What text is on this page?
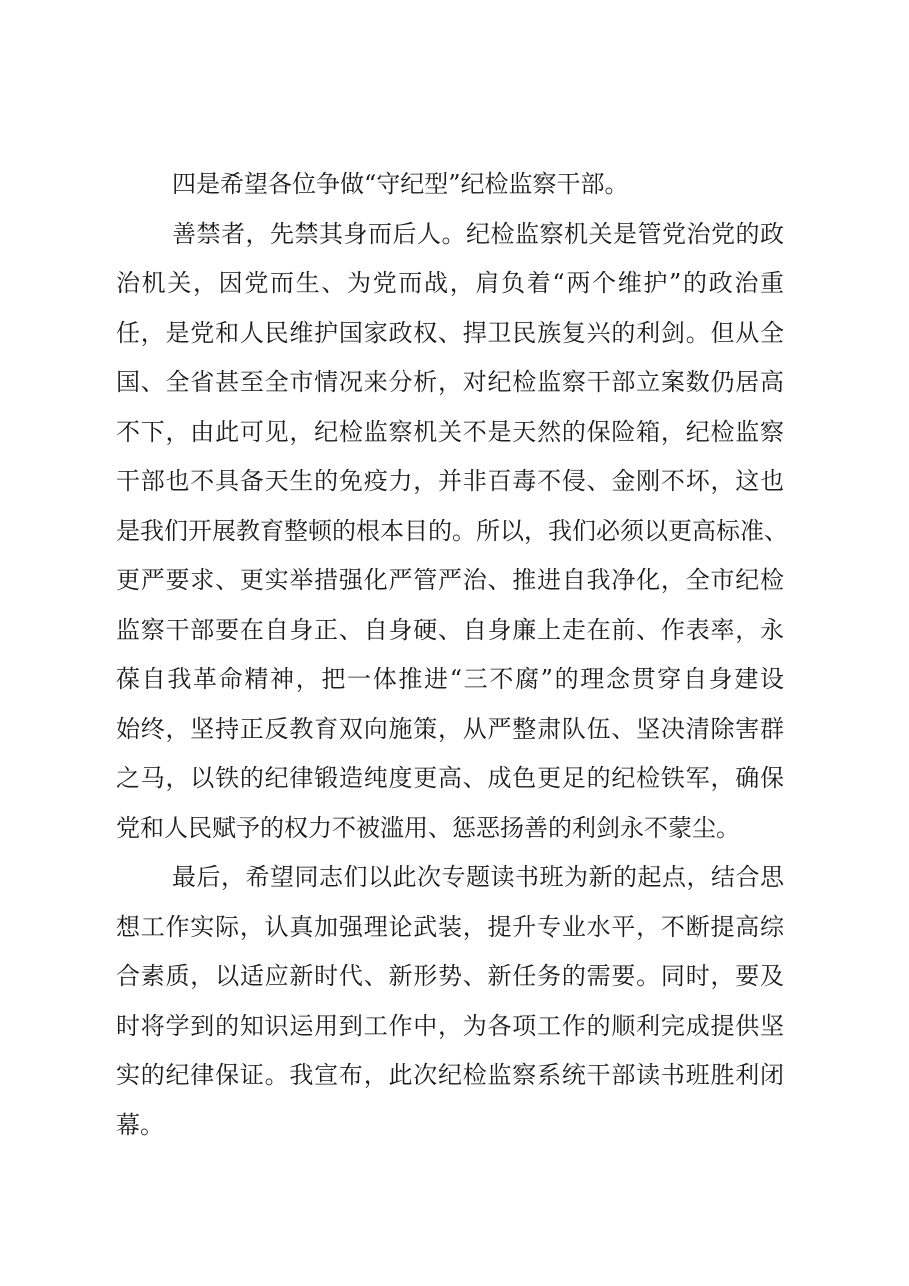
四是希望各位争做“守纪型”纪检监察干部。
善禁者，先禁其身而后人。纪检监察机关是管党治党的政
治机关，因党而生、为党而战，肩负着“两个维护”的政治重
任，是党和人民维护国家政权、捍卫民族复兴的利剑。但从全
国、全省甚至全市情况来分析，对纪检监察干部立案数仍居高
不下，由此可见，纪检监察机关不是天然的保险箱，纪检监察
干部也不具备天生的免疫力，并非百毒不侵、金刚不坏，这也
是我们开展教育整顿的根本目的。所以，我们必须以更高标准、
更严要求、更实举措强化严管严治、推进自我净化，全市纪检
监察干部要在自身正、自身硬、自身廉上走在前、作表率，永
葆自我革命精神，把一体推进“三不腐”的理念贯穿自身建设
始终，坚持正反教育双向施策，从严整肃队伍、坚决清除害群
之马，以铁的纪律锻造纯度更高、成色更足的纪检铁军，确保
党和人民赋予的权力不被滥用、惩恶扬善的利剑永不蒙尘。
最后，希望同志们以此次专题读书班为新的起点，结合思
想工作实际，认真加强理论武装，提升专业水平，不断提高综
合素质，以适应新时代、新形势、新任务的需要。同时，要及
时将学到的知识运用到工作中，为各项工作的顺利完成提供坚
实的纪律保证。我宣布，此次纪检监察系统干部读书班胜利闭
幕。
